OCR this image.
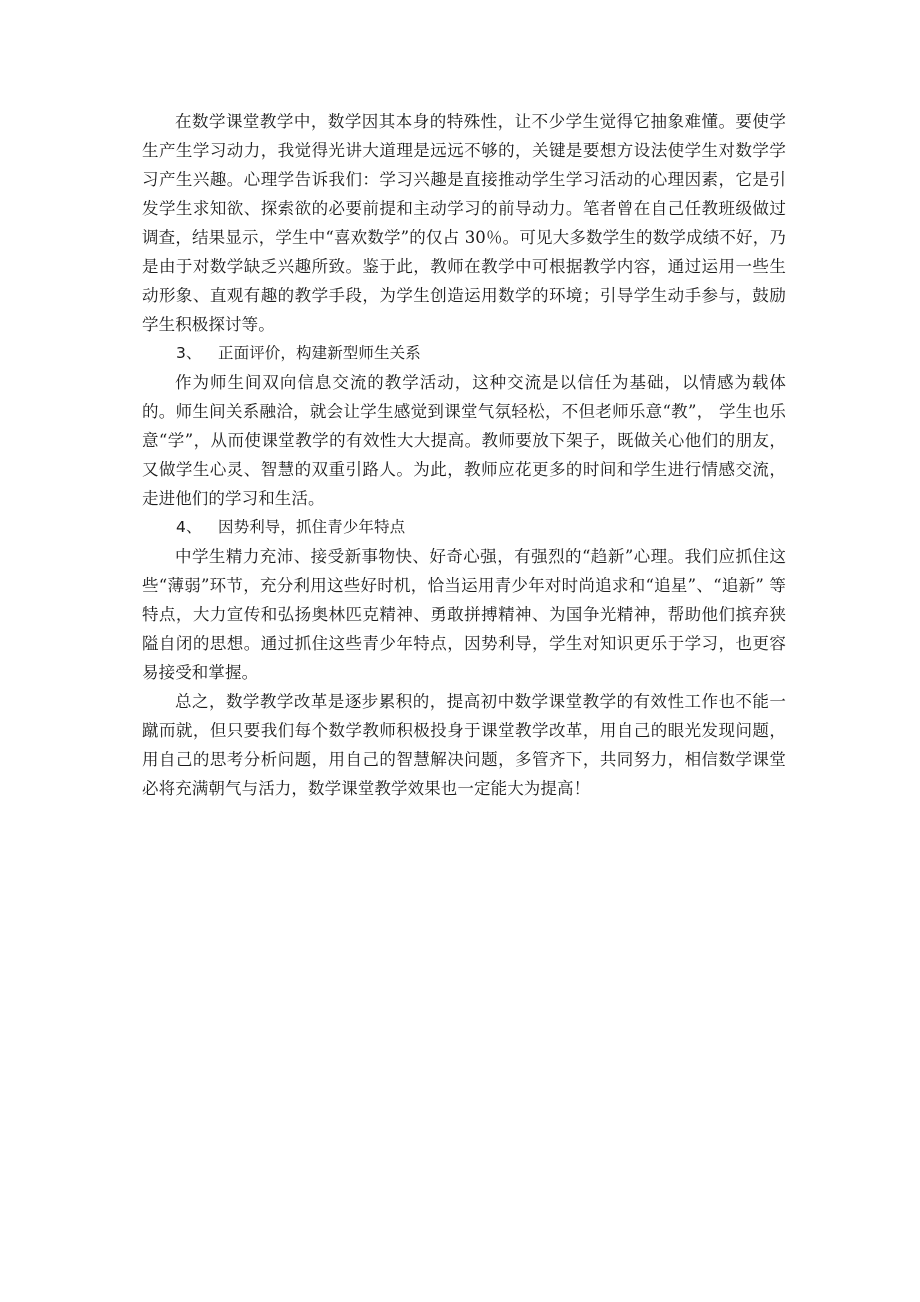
在数学课堂教学中，数学因其本身的特殊性，让不少学生觉得它抽象难懂。要使学生产生学习动力，我觉得光讲大道理是远远不够的，关键是要想方设法使学生对数学学习产生兴趣。心理学告诉我们：学习兴趣是直接推动学生学习活动的心理因素，它是引发学生求知欲、探索欲的必要前提和主动学习的前导动力。笔者曾在自己任教班级做过调查，结果显示，学生中“喜欢数学”的仅占 30％。可见大多数学生的数学成绩不好，乃是由于对数学缺乏兴趣所致。鉴于此，教师在教学中可根据教学内容，通过运用一些生动形象、直观有趣的教学手段，为学生创造运用数学的环境；引导学生动手参与，鼓励学生积极探讨等。

3、 正面评价，构建新型师生关系

作为师生间双向信息交流的教学活动，这种交流是以信任为基础，以情感为载体的。师生间关系融洽，就会让学生感觉到课堂气氛轻松，不但老师乐意“教”， 学生也乐意“学”，从而使课堂教学的有效性大大提高。教师要放下架子，既做关心他们的朋友，又做学生心灵、智慧的双重引路人。为此，教师应花更多的时间和学生进行情感交流，走进他们的学习和生活。

4、 因势利导，抓住青少年特点

中学生精力充沛、接受新事物快、好奇心强，有强烈的“趋新”心理。我们应抓住这些“薄弱”环节，充分利用这些好时机，恰当运用青少年对时尚追求和“追星”、“追新” 等特点，大力宣传和弘扬奥林匹克精神、勇敢拼搏精神、为国争光精神，帮助他们摈弃狭隘自闭的思想。通过抓住这些青少年特点，因势利导，学生对知识更乐于学习，也更容易接受和掌握。

总之，数学教学改革是逐步累积的，提高初中数学课堂教学的有效性工作也不能一蹴而就，但只要我们每个数学教师积极投身于课堂教学改革，用自己的眼光发现问题，用自己的思考分析问题，用自己的智慧解决问题，多管齐下，共同努力，相信数学课堂必将充满朝气与活力，数学课堂教学效果也一定能大为提高！
